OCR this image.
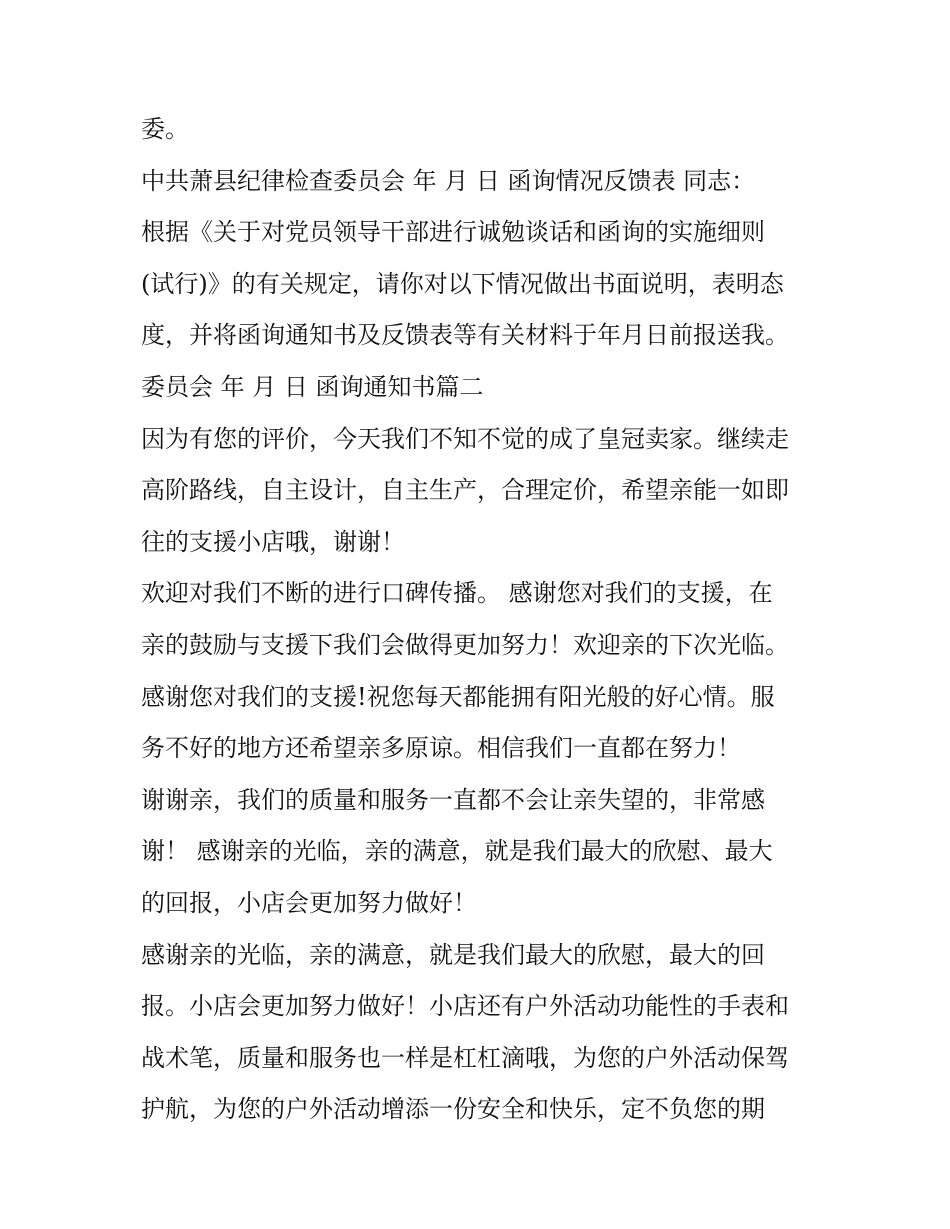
委。
中共萧县纪律检查委员会 年 月 日 函询情况反馈表 同志：
根据《关于对党员领导干部进行诚勉谈话和函询的实施细则
(试行)》的有关规定，请你对以下情况做出书面说明，表明态
度，并将函询通知书及反馈表等有关材料于年月日前报送我。
委员会 年 月 日 函询通知书篇二
因为有您的评价，今天我们不知不觉的成了皇冠卖家。继续走
高阶路线，自主设计，自主生产，合理定价，希望亲能一如即
往的支援小店哦，谢谢！
欢迎对我们不断的进行口碑传播。 感谢您对我们的支援，在
亲的鼓励与支援下我们会做得更加努力！欢迎亲的下次光临。
感谢您对我们的支援!祝您每天都能拥有阳光般的好心情。服
务不好的地方还希望亲多原谅。相信我们一直都在努力！
谢谢亲，我们的质量和服务一直都不会让亲失望的，非常感
谢！ 感谢亲的光临，亲的满意，就是我们最大的欣慰、最大
的回报，小店会更加努力做好！
感谢亲的光临，亲的满意，就是我们最大的欣慰，最大的回
报。小店会更加努力做好！小店还有户外活动功能性的手表和
战术笔，质量和服务也一样是杠杠滴哦，为您的户外活动保驾
护航，为您的户外活动增添一份安全和快乐，定不负您的期
